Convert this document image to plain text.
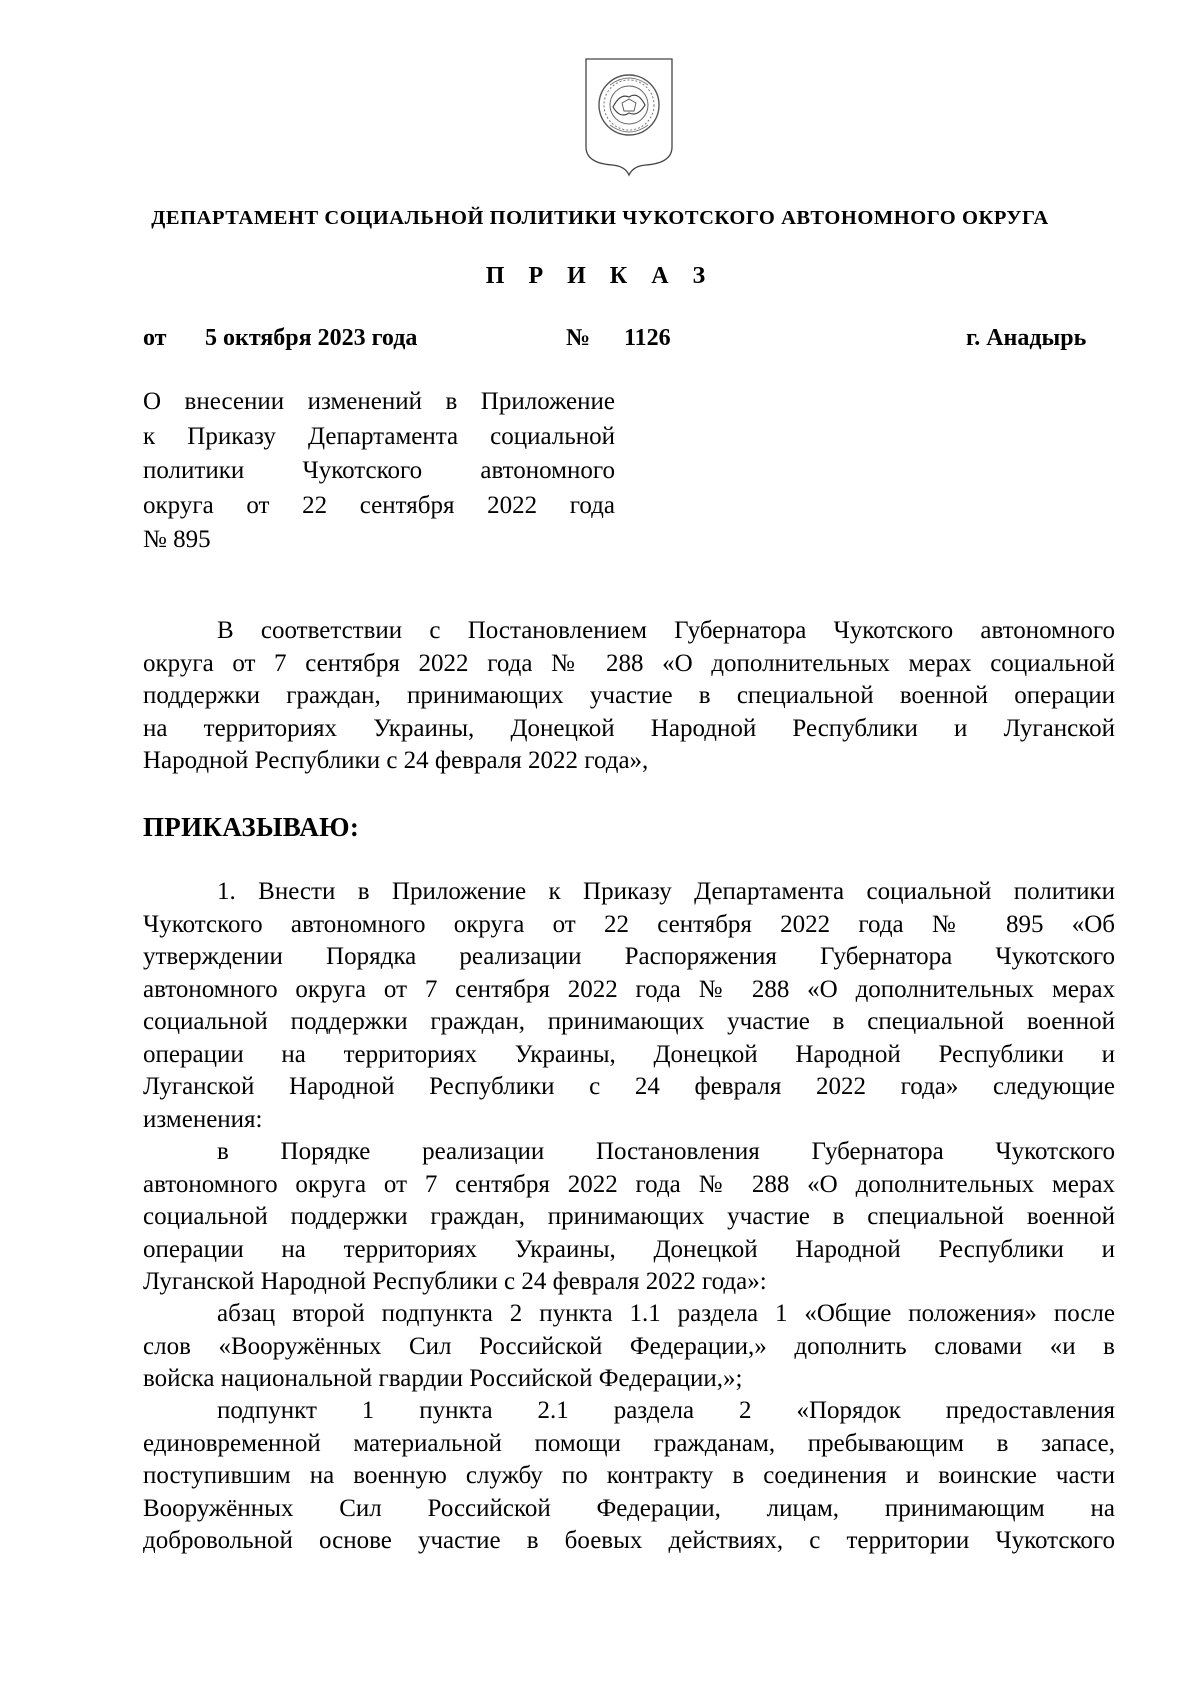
ДЕПАРТАМЕНТ СОЦИАЛЬНОЙ ПОЛИТИКИ ЧУКОТСКОГО АВТОНОМНОГО ОКРУГА
П Р И К А З
от 5 октября 2023 года	№ 1126	г. Анадырь
О внесении изменений в Приложение
к Приказу Департамента социальной
политики Чукотского автономного
округа от 22 сентября 2022 года
№ 895
В соответствии с Постановлением Губернатора Чукотского автономного
округа от 7 сентября 2022 года № 288 «О дополнительных мерах социальной
поддержки граждан, принимающих участие в специальной военной операции
на территориях Украины, Донецкой Народной Республики и Луганской
Народной Республики с 24 февраля 2022 года»,
ПРИКАЗЫВАЮ:
1. Внести в Приложение к Приказу Департамента социальной политики
Чукотского автономного округа от 22 сентября 2022 года № 895 «Об
утверждении Порядка реализации Распоряжения Губернатора Чукотского
автономного округа от 7 сентября 2022 года № 288 «О дополнительных мерах
социальной поддержки граждан, принимающих участие в специальной военной
операции на территориях Украины, Донецкой Народной Республики и
Луганской Народной Республики с 24 февраля 2022 года» следующие
изменения:
в Порядке реализации Постановления Губернатора Чукотского
автономного округа от 7 сентября 2022 года № 288 «О дополнительных мерах
социальной поддержки граждан, принимающих участие в специальной военной
операции на территориях Украины, Донецкой Народной Республики и
Луганской Народной Республики с 24 февраля 2022 года»:
абзац второй подпункта 2 пункта 1.1 раздела 1 «Общие положения» после
слов «Вооружённых Сил Российской Федерации,» дополнить словами «и в
войска национальной гвардии Российской Федерации,»;
подпункт 1 пункта 2.1 раздела 2 «Порядок предоставления
единовременной материальной помощи гражданам, пребывающим в запасе,
поступившим на военную службу по контракту в соединения и воинские части
Вооружённых Сил Российской Федерации, лицам, принимающим на
добровольной основе участие в боевых действиях, с территории Чукотского
